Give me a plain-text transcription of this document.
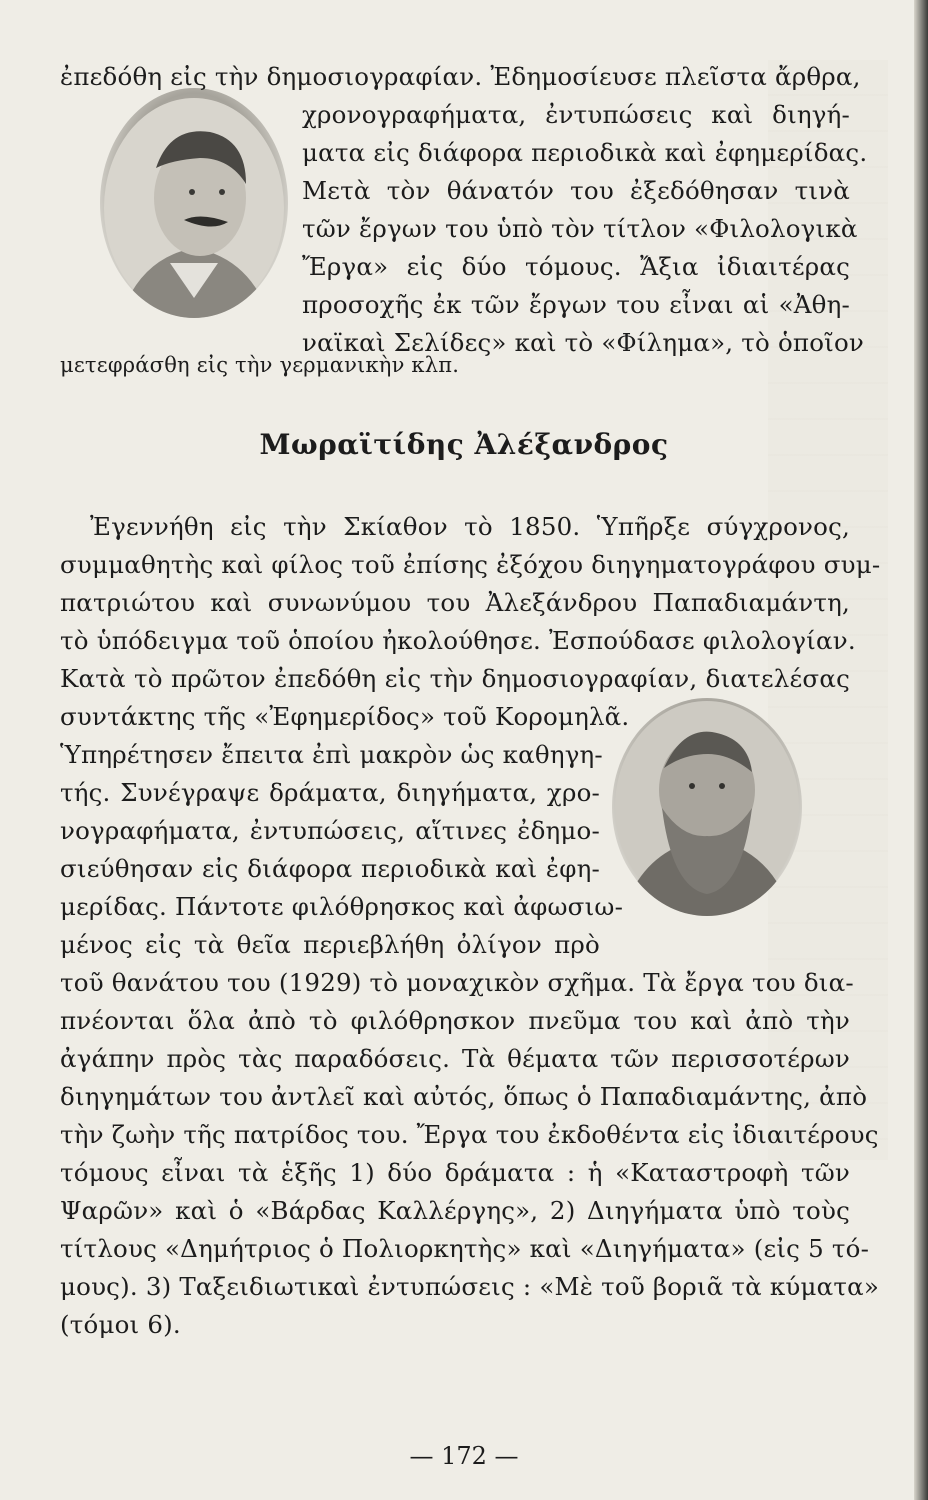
ἐπεδόθη εἰς τὴν δημοσιογραφίαν. Ἐδημοσίευσε πλεῖστα ἄρθρα,
χρονογραφήματα, ἐντυπώσεις καὶ διηγή-
ματα εἰς διάφορα περιοδικὰ καὶ ἐφημερίδας.
Μετὰ τὸν θάνατόν του ἐξεδόθησαν τινὰ
τῶν ἔργων του ὑπὸ τὸν τίτλον «Φιλολογικὰ
Ἔργα» εἰς δύο τόμους. Ἄξια ἰδιαιτέρας
προσοχῆς ἐκ τῶν ἔργων του εἶναι αἱ «Ἀθη-
ναϊκαὶ Σελίδες» καὶ τὸ «Φίλημα», τὸ ὁποῖον
μετεφράσθη εἰς τὴν γερμανικὴν κλπ.
Μωραϊτίδης Ἀλέξανδρος
Ἐγεννήθη εἰς τὴν Σκίαθον τὸ 1850. Ὑπῆρξε σύγχρονος,
συμμαθητὴς καὶ φίλος τοῦ ἐπίσης ἐξόχου διηγηματογράφου συμ-
πατριώτου καὶ συνωνύμου του Ἀλεξάνδρου Παπαδιαμάντη,
τὸ ὑπόδειγμα τοῦ ὁποίου ἠκολούθησε. Ἐσπούδασε φιλολογίαν.
Κατὰ τὸ πρῶτον ἐπεδόθη εἰς τὴν δημοσιογραφίαν, διατελέσας
συντάκτης τῆς «Ἐφημερίδος» τοῦ Κορομηλᾶ.
Ὑπηρέτησεν ἔπειτα ἐπὶ μακρὸν ὡς καθηγη-
τής. Συνέγραψε δράματα, διηγήματα, χρο-
νογραφήματα, ἐντυπώσεις, αἵτινες ἐδημο-
σιεύθησαν εἰς διάφορα περιοδικὰ καὶ ἐφη-
μερίδας. Πάντοτε φιλόθρησκος καὶ ἀφωσιω-
μένος εἰς τὰ θεῖα περιεβλήθη ὀλίγον πρὸ
τοῦ θανάτου του (1929) τὸ μοναχικὸν σχῆμα. Τὰ ἔργα του δια-
πνέονται ὅλα ἀπὸ τὸ φιλόθρησκον πνεῦμα του καὶ ἀπὸ τὴν
ἀγάπην πρὸς τὰς παραδόσεις. Τὰ θέματα τῶν περισσοτέρων
διηγημάτων του ἀντλεῖ καὶ αὐτός, ὅπως ὁ Παπαδιαμάντης, ἀπὸ
τὴν ζωὴν τῆς πατρίδος του. Ἔργα του ἐκδοθέντα εἰς ἰδιαιτέρους
τόμους εἶναι τὰ ἑξῆς 1) δύο δράματα : ἡ «Καταστροφὴ τῶν
Ψαρῶν» καὶ ὁ «Βάρδας Καλλέργης», 2) Διηγήματα ὑπὸ τοὺς
τίτλους «Δημήτριος ὁ Πολιορκητὴς» καὶ «Διηγήματα» (εἰς 5 τό-
μους). 3) Ταξειδιωτικαὶ ἐντυπώσεις : «Μὲ τοῦ βοριᾶ τὰ κύματα»
(τόμοι 6).
— 172 —
